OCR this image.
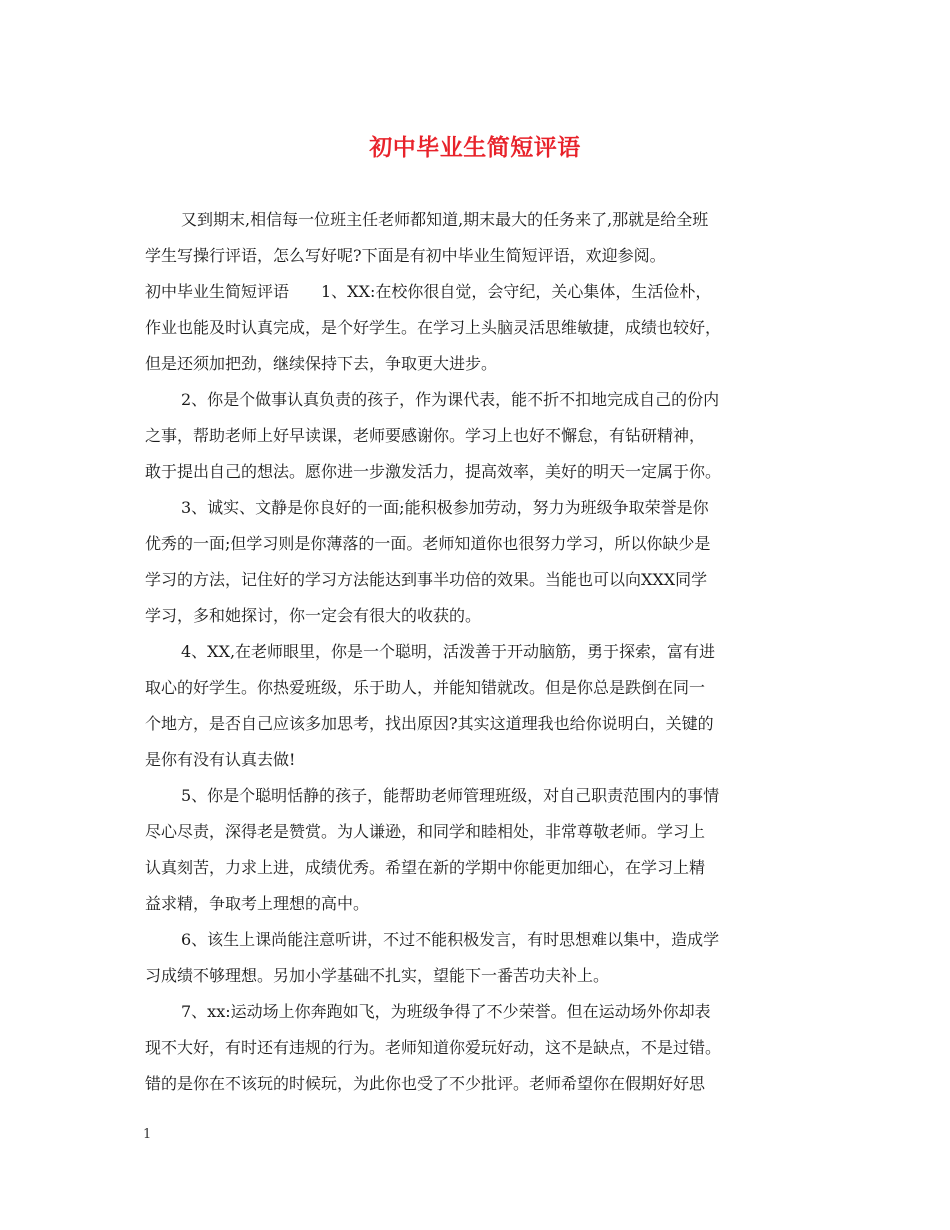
初中毕业生简短评语
又到期末,相信每一位班主任老师都知道,期末最大的任务来了,那就是给全班
学生写操行评语，怎么写好呢?下面是有初中毕业生简短评语，欢迎参阅。
初中毕业生简短评语　　1、XX:在校你很自觉，会守纪，关心集体，生活俭朴，
作业也能及时认真完成，是个好学生。在学习上头脑灵活思维敏捷，成绩也较好，
但是还须加把劲，继续保持下去，争取更大进步。
2、你是个做事认真负责的孩子，作为课代表，能不折不扣地完成自己的份内
之事，帮助老师上好早读课，老师要感谢你。学习上也好不懈怠，有钻研精神，
敢于提出自己的想法。愿你进一步激发活力，提高效率，美好的明天一定属于你。
3、诚实、文静是你良好的一面;能积极参加劳动，努力为班级争取荣誉是你
优秀的一面;但学习则是你薄落的一面。老师知道你也很努力学习，所以你缺少是
学习的方法，记住好的学习方法能达到事半功倍的效果。当能也可以向XXX同学
学习，多和她探讨，你一定会有很大的收获的。
4、XX,在老师眼里，你是一个聪明，活泼善于开动脑筋，勇于探索，富有进
取心的好学生。你热爱班级，乐于助人，并能知错就改。但是你总是跌倒在同一
个地方，是否自己应该多加思考，找出原因?其实这道理我也给你说明白，关键的
是你有没有认真去做!
5、你是个聪明恬静的孩子，能帮助老师管理班级，对自己职责范围内的事情
尽心尽责，深得老是赞赏。为人谦逊，和同学和睦相处，非常尊敬老师。学习上
认真刻苦，力求上进，成绩优秀。希望在新的学期中你能更加细心，在学习上精
益求精，争取考上理想的高中。
6、该生上课尚能注意听讲，不过不能积极发言，有时思想难以集中，造成学
习成绩不够理想。另加小学基础不扎实，望能下一番苦功夫补上。
7、xx:运动场上你奔跑如飞，为班级争得了不少荣誉。但在运动场外你却表
现不大好，有时还有违规的行为。老师知道你爱玩好动，这不是缺点，不是过错。
错的是你在不该玩的时候玩，为此你也受了不少批评。老师希望你在假期好好思
1
